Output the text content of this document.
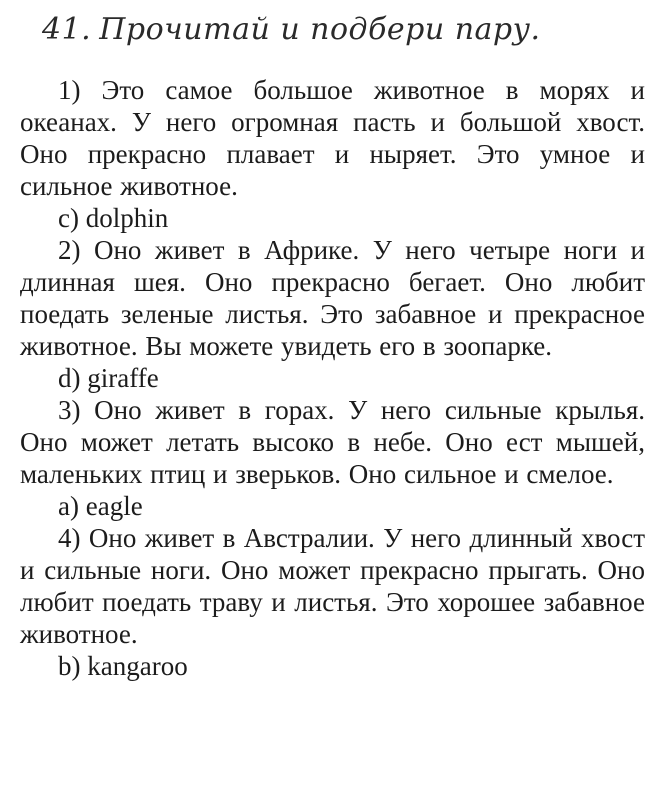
41. Прочитай и подбери пару.

1) Это самое большое животное в морях и океанах. У него огромная пасть и большой хвост. Оно прекрасно плавает и ныряет. Это умное и сильное животное.

c) dolphin

2) Оно живет в Африке. У него четыре ноги и длинная шея. Оно прекрасно бегает. Оно любит поедать зеленые листья. Это забавное и прекрасное животное. Вы можете увидеть его в зоопарке.

d) giraffe

3) Оно живет в горах. У него сильные крылья. Оно может летать высоко в небе. Оно ест мышей, маленьких птиц и зверьков. Оно сильное и смелое.

a) eagle

4) Оно живет в Австралии. У него длинный хвост и сильные ноги. Оно может прекрасно прыгать. Оно любит поедать траву и листья. Это хорошее забавное животное.

b) kangaroo
